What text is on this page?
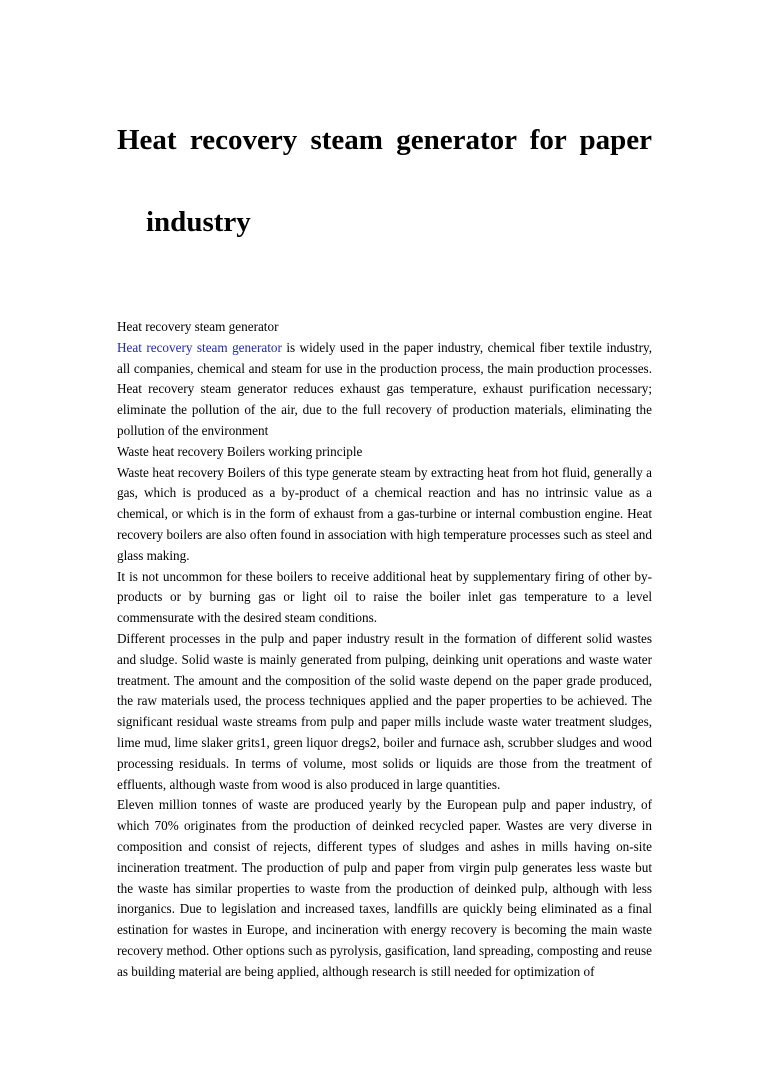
Heat recovery steam generator for paper
industry

Heat recovery steam generator

Heat recovery steam generator is widely used in the paper industry, chemical fiber textile industry, all companies, chemical and steam for use in the production process, the main production processes. Heat recovery steam generator reduces exhaust gas temperature, exhaust purification necessary; eliminate the pollution of the air, due to the full recovery of production materials, eliminating the pollution of the environment

Waste heat recovery Boilers working principle

Waste heat recovery Boilers of this type generate steam by extracting heat from hot fluid, generally a gas, which is produced as a by-product of a chemical reaction and has no intrinsic value as a chemical, or which is in the form of exhaust from a gas-turbine or internal combustion engine. Heat recovery boilers are also often found in association with high temperature processes such as steel and glass making.

It is not uncommon for these boilers to receive additional heat by supplementary firing of other by-products or by burning gas or light oil to raise the boiler inlet gas temperature to a level commensurate with the desired steam conditions.

Different processes in the pulp and paper industry result in the formation of different solid wastes and sludge. Solid waste is mainly generated from pulping, deinking unit operations and waste water treatment. The amount and the composition of the solid waste depend on the paper grade produced, the raw materials used, the process techniques applied and the paper properties to be achieved. The significant residual waste streams from pulp and paper mills include waste water treatment sludges, lime mud, lime slaker grits1, green liquor dregs2, boiler and furnace ash, scrubber sludges and wood processing residuals. In terms of volume, most solids or liquids are those from the treatment of effluents, although waste from wood is also produced in large quantities.

Eleven million tonnes of waste are produced yearly by the European pulp and paper industry, of which 70% originates from the production of deinked recycled paper. Wastes are very diverse in composition and consist of rejects, different types of sludges and ashes in mills having on-site incineration treatment. The production of pulp and paper from virgin pulp generates less waste but the waste has similar properties to waste from the production of deinked pulp, although with less inorganics. Due to legislation and increased taxes, landfills are quickly being eliminated as a final estination for wastes in Europe, and incineration with energy recovery is becoming the main waste recovery method. Other options such as pyrolysis, gasification, land spreading, composting and reuse as building material are being applied, although research is still needed for optimization of
